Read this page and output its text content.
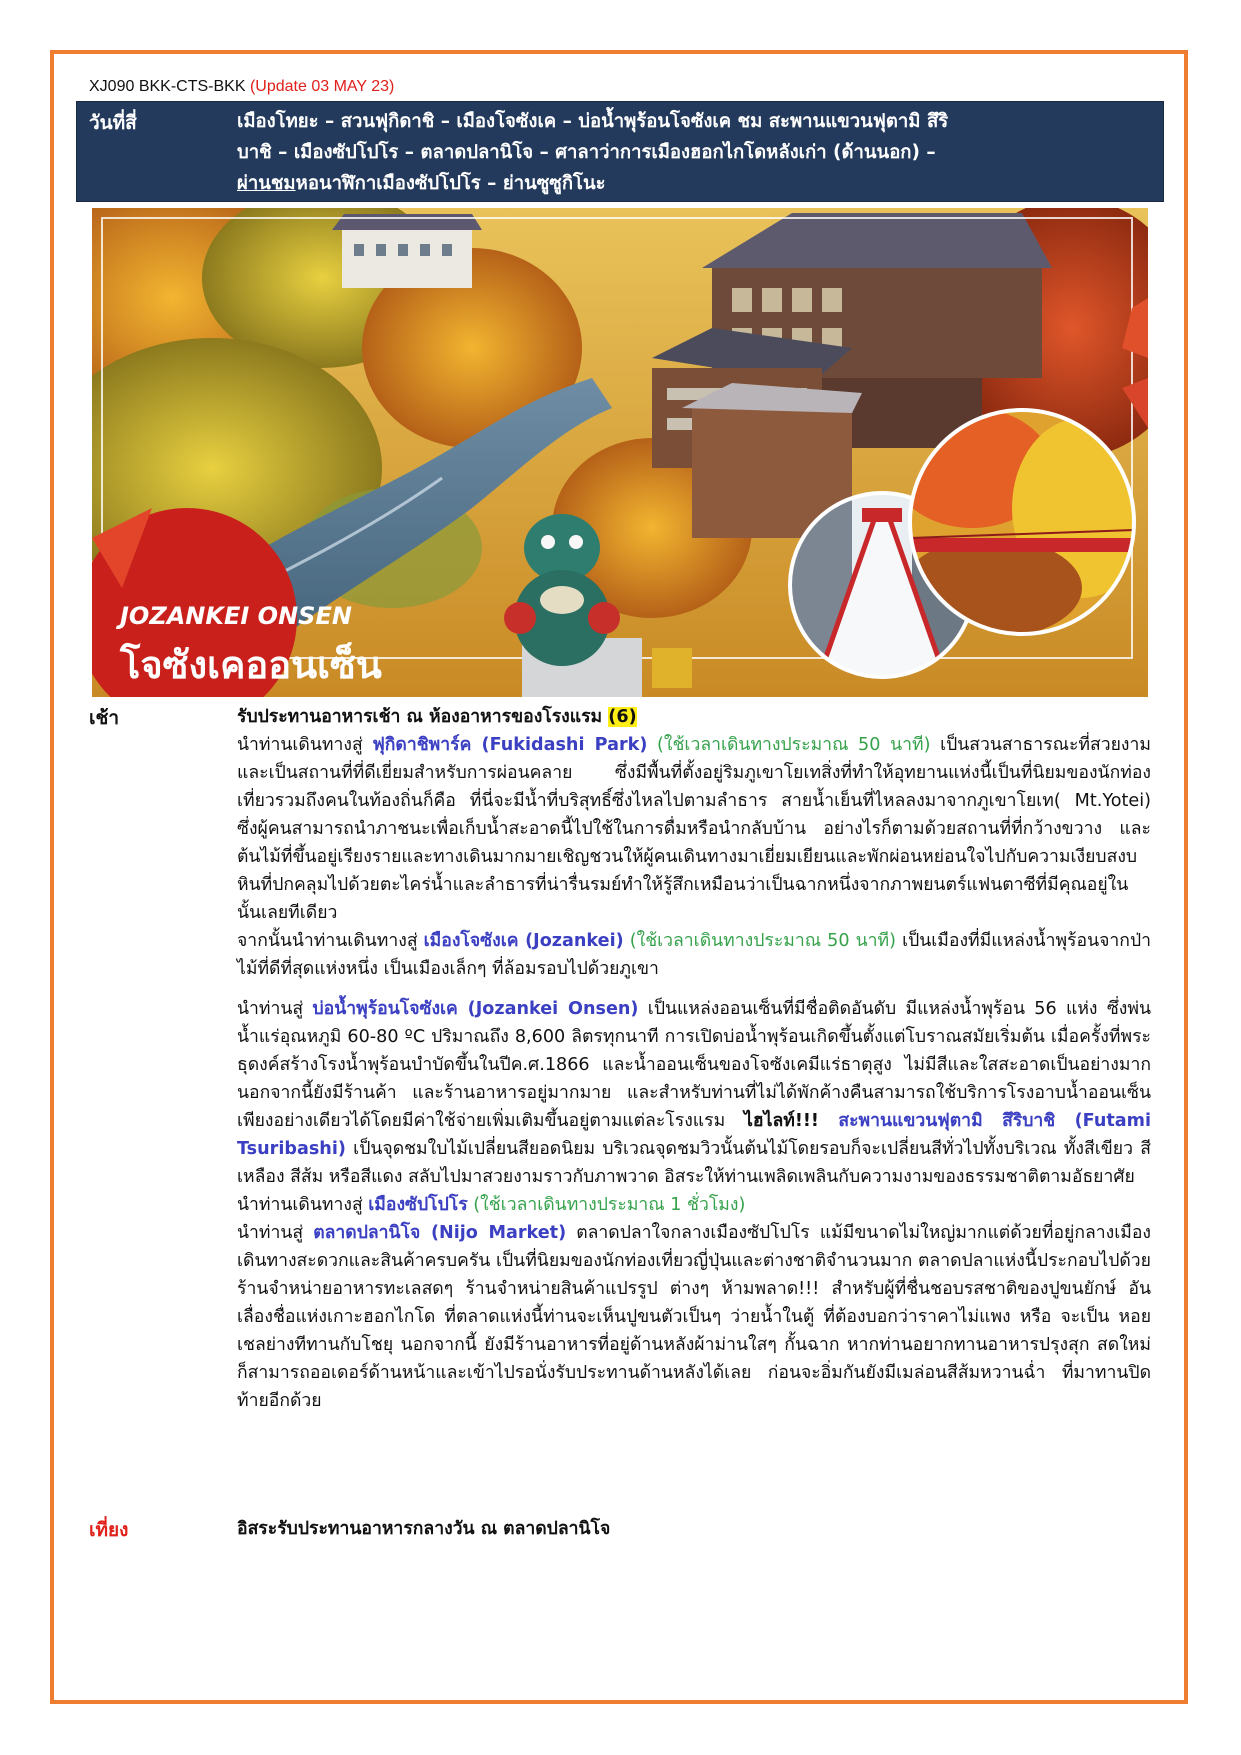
XJ090 BKK-CTS-BKK (Update 03 MAY 23)
วันที่สี่	เมืองโทยะ – สวนฟุกิดาชิ – เมืองโจซังเค – บ่อน้ำพุร้อนโจซังเค ชม สะพานแขวนฟุตามิ สึริ
บาชิ – เมืองซัปโปโร – ตลาดปลานิโจ – ศาลาว่าการเมืองฮอกไกโดหลังเก่า (ด้านนอก) –
ผ่านชมหอนาฬิกาเมืองซัปโปโร – ย่านซูซูกิโนะ
JOZANKEI ONSEN
โจซังเคออนเซ็น
เช้า	รับประทานอาหารเช้า ณ ห้องอาหารของโรงแรม (6)

นำท่านเดินทางสู่ ฟุกิดาชิพาร์ค (Fukidashi Park) (ใช้เวลาเดินทางประมาณ 50 นาที) เป็นสวนสาธารณะที่สวยงามและเป็นสถานที่ที่ดีเยี่ยมสำหรับการผ่อนคลาย ซึ่งมีพื้นที่ตั้งอยู่ริมภูเขาโยเทสิ่งที่ทำให้อุทยานแห่งนี้เป็นที่นิยมของนักท่องเที่ยวรวมถึงคนในท้องถิ่นก็คือ ที่นี่จะมีน้ำที่บริสุทธิ์ซึ่งไหลไปตามลำธาร สายน้ำเย็นที่ไหลลงมาจากภูเขาโยเท( Mt.Yotei) ซึ่งผู้คนสามารถนำภาชนะเพื่อเก็บน้ำสะอาดนี้ไปใช้ในการดื่มหรือนำกลับบ้าน อย่างไรก็ตามด้วยสถานที่ที่กว้างขวาง และต้นไม้ที่ขึ้นอยู่เรียงรายและทางเดินมากมายเชิญชวนให้ผู้คนเดินทางมาเยี่ยมเยียนและพักผ่อนหย่อนใจไปกับความเงียบสงบ หินที่ปกคลุมไปด้วยตะไคร่น้ำและลำธารที่น่ารื่นรมย์ทำให้รู้สึกเหมือนว่าเป็นฉากหนึ่งจากภาพยนตร์แฟนตาซีที่มีคุณอยู่ในนั้นเลยทีเดียว

จากนั้นนำท่านเดินทางสู่ เมืองโจซังเค (Jozankei) (ใช้เวลาเดินทางประมาณ 50 นาที) เป็นเมืองที่มีแหล่งน้ำพุร้อนจากป่าไม้ที่ดีที่สุดแห่งหนึ่ง เป็นเมืองเล็กๆ ที่ล้อมรอบไปด้วยภูเขา

นำท่านสู่ บ่อน้ำพุร้อนโจซังเค (Jozankei Onsen) เป็นแหล่งออนเซ็นที่มีชื่อติดอันดับ มีแหล่งน้ำพุร้อน 56 แห่ง ซึ่งพ่นน้ำแร่อุณหภูมิ 60-80 ºC ปริมาณถึง 8,600 ลิตรทุกนาที การเปิดบ่อน้ำพุร้อนเกิดขึ้นตั้งแต่โบราณสมัยเริ่มต้น เมื่อครั้งที่พระธุดงค์สร้างโรงน้ำพุร้อนบำบัดขึ้นในปีค.ศ.1866 และน้ำออนเซ็นของโจซังเคมีแร่ธาตุสูง ไม่มีสีและใสสะอาดเป็นอย่างมาก นอกจากนี้ยังมีร้านค้า และร้านอาหารอยู่มากมาย และสำหรับท่านที่ไม่ได้พักค้างคืนสามารถใช้บริการโรงอาบน้ำออนเซ็นเพียงอย่างเดียวได้โดยมีค่าใช้จ่ายเพิ่มเติมขึ้นอยู่ตามแต่ละโรงแรม ไฮไลท์!!! สะพานแขวนฟุตามิ สึริบาชิ (Futami Tsuribashi) เป็นจุดชมใบไม้เปลี่ยนสียอดนิยม บริเวณจุดชมวิวนั้นต้นไม้โดยรอบก็จะเปลี่ยนสีทั่วไปทั้งบริเวณ ทั้งสีเขียว สีเหลือง สีส้ม หรือสีแดง สลับไปมาสวยงามราวกับภาพวาด อิสระให้ท่านเพลิดเพลินกับความงามของธรรมชาติตามอัธยาศัย

นำท่านเดินทางสู่ เมืองซัปโปโร (ใช้เวลาเดินทางประมาณ 1 ชั่วโมง)

นำท่านสู่ ตลาดปลานิโจ (Nijo Market) ตลาดปลาใจกลางเมืองซัปโปโร แม้มีขนาดไม่ใหญ่มากแต่ด้วยที่อยู่กลางเมือง เดินทางสะดวกและสินค้าครบครัน เป็นที่นิยมของนักท่องเที่ยวญี่ปุ่นและต่างชาติจำนวนมาก ตลาดปลาแห่งนี้ประกอบไปด้วยร้านจำหน่ายอาหารทะเลสดๆ ร้านจำหน่ายสินค้าแปรรูป ต่างๆ ห้ามพลาด!!! สำหรับผู้ที่ชื่นชอบรสชาติของปูขนยักษ์ อันเลื่องชื่อแห่งเกาะฮอกไกโด ที่ตลาดแห่งนี้ท่านจะเห็นปูขนตัวเป็นๆ ว่ายน้ำในตู้ ที่ต้องบอกว่าราคาไม่แพง หรือ จะเป็น หอยเชลย่างทีทานกับโชยุ นอกจากนี้ ยังมีร้านอาหารที่อยู่ด้านหลังผ้าม่านใสๆ กั้นฉาก หากท่านอยากทานอาหารปรุงสุก สดใหม่ก็สามารถออเดอร์ด้านหน้าและเข้าไปรอนั่งรับประทานด้านหลังได้เลย ก่อนจะอิ่มกันยังมีเมล่อนสีส้มหวานฉ่ำ ที่มาทานปิดท้ายอีกด้วย

เที่ยง	อิสระรับประทานอาหารกลางวัน ณ ตลาดปลานิโจ
